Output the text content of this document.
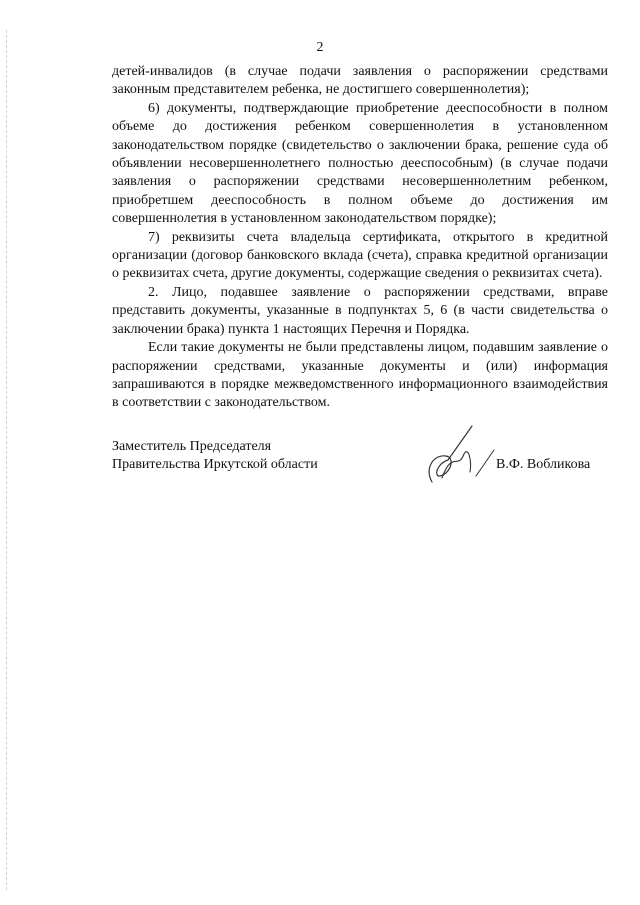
2

детей-инвалидов (в случае подачи заявления о распоряжении средствами законным представителем ребенка, не достигшего совершеннолетия);

6) документы, подтверждающие приобретение дееспособности в полном объеме до достижения ребенком совершеннолетия в установленном законодательством порядке (свидетельство о заключении брака, решение суда об объявлении несовершеннолетнего полностью дееспособным) (в случае подачи заявления о распоряжении средствами несовершеннолетним ребенком, приобретшем дееспособность в полном объеме до достижения им совершеннолетия в установленном законодательством порядке);

7) реквизиты счета владельца сертификата, открытого в кредитной организации (договор банковского вклада (счета), справка кредитной организации о реквизитах счета, другие документы, содержащие сведения о реквизитах счета).

2. Лицо, подавшее заявление о распоряжении средствами, вправе представить документы, указанные в подпунктах 5, 6 (в части свидетельства о заключении брака) пункта 1 настоящих Перечня и Порядка.

Если такие документы не были представлены лицом, подавшим заявление о распоряжении средствами, указанные документы и (или) информация запрашиваются в порядке межведомственного информационного взаимодействия в соответствии с законодательством.

Заместитель Председателя
Правительства Иркутской области	В.Ф. Вобликова
